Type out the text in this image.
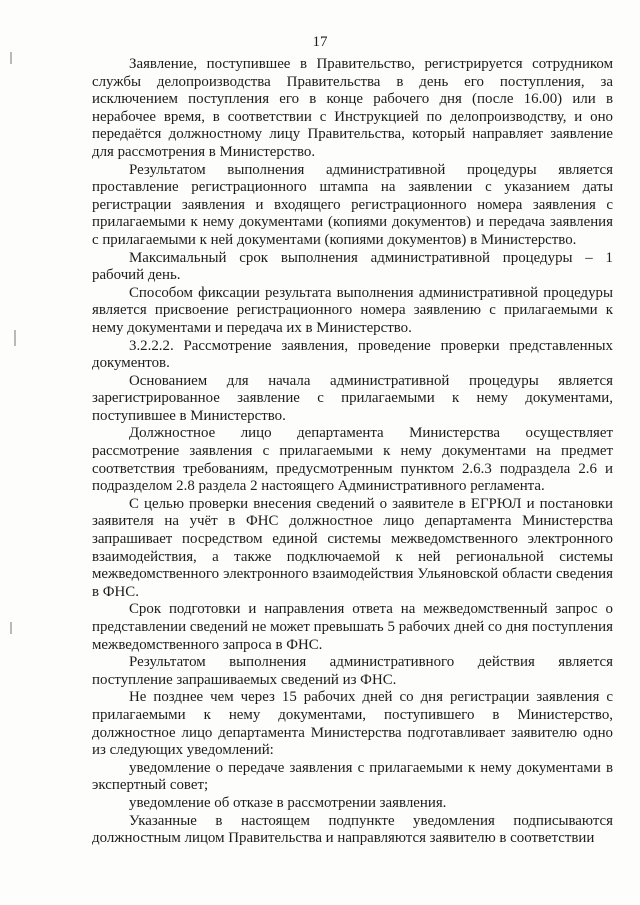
17

Заявление, поступившее в Правительство, регистрируется сотрудником службы делопроизводства Правительства в день его поступления, за исключением поступления его в конце рабочего дня (после 16.00) или в нерабочее время, в соответствии с Инструкцией по делопроизводству, и оно передаётся должностному лицу Правительства, который направляет заявление для рассмотрения в Министерство.

Результатом выполнения административной процедуры является проставление регистрационного штампа на заявлении с указанием даты регистрации заявления и входящего регистрационного номера заявления с прилагаемыми к нему документами (копиями документов) и передача заявления с прилагаемыми к ней документами (копиями документов) в Министерство.

Максимальный срок выполнения административной процедуры – 1 рабочий день.

Способом фиксации результата выполнения административной процедуры является присвоение регистрационного номера заявлению с прилагаемыми к нему документами и передача их в Министерство.

3.2.2.2. Рассмотрение заявления, проведение проверки представленных документов.

Основанием для начала административной процедуры является зарегистрированное заявление с прилагаемыми к нему документами, поступившее в Министерство.

Должностное лицо департамента Министерства осуществляет рассмотрение заявления с прилагаемыми к нему документами на предмет соответствия требованиям, предусмотренным пунктом 2.6.3 подраздела 2.6 и подразделом 2.8 раздела 2 настоящего Административного регламента.

С целью проверки внесения сведений о заявителе в ЕГРЮЛ и постановки заявителя на учёт в ФНС должностное лицо департамента Министерства запрашивает посредством единой системы межведомственного электронного взаимодействия, а также подключаемой к ней региональной системы межведомственного электронного взаимодействия Ульяновской области сведения в ФНС.

Срок подготовки и направления ответа на межведомственный запрос о представлении сведений не может превышать 5 рабочих дней со дня поступления межведомственного запроса в ФНС.

Результатом выполнения административного действия является поступление запрашиваемых сведений из ФНС.

Не позднее чем через 15 рабочих дней со дня регистрации заявления с прилагаемыми к нему документами, поступившего в Министерство, должностное лицо департамента Министерства подготавливает заявителю одно из следующих уведомлений:

уведомление о передаче заявления с прилагаемыми к нему документами в экспертный совет;

уведомление об отказе в рассмотрении заявления.

Указанные в настоящем подпункте уведомления подписываются должностным лицом Правительства и направляются заявителю в соответствии
